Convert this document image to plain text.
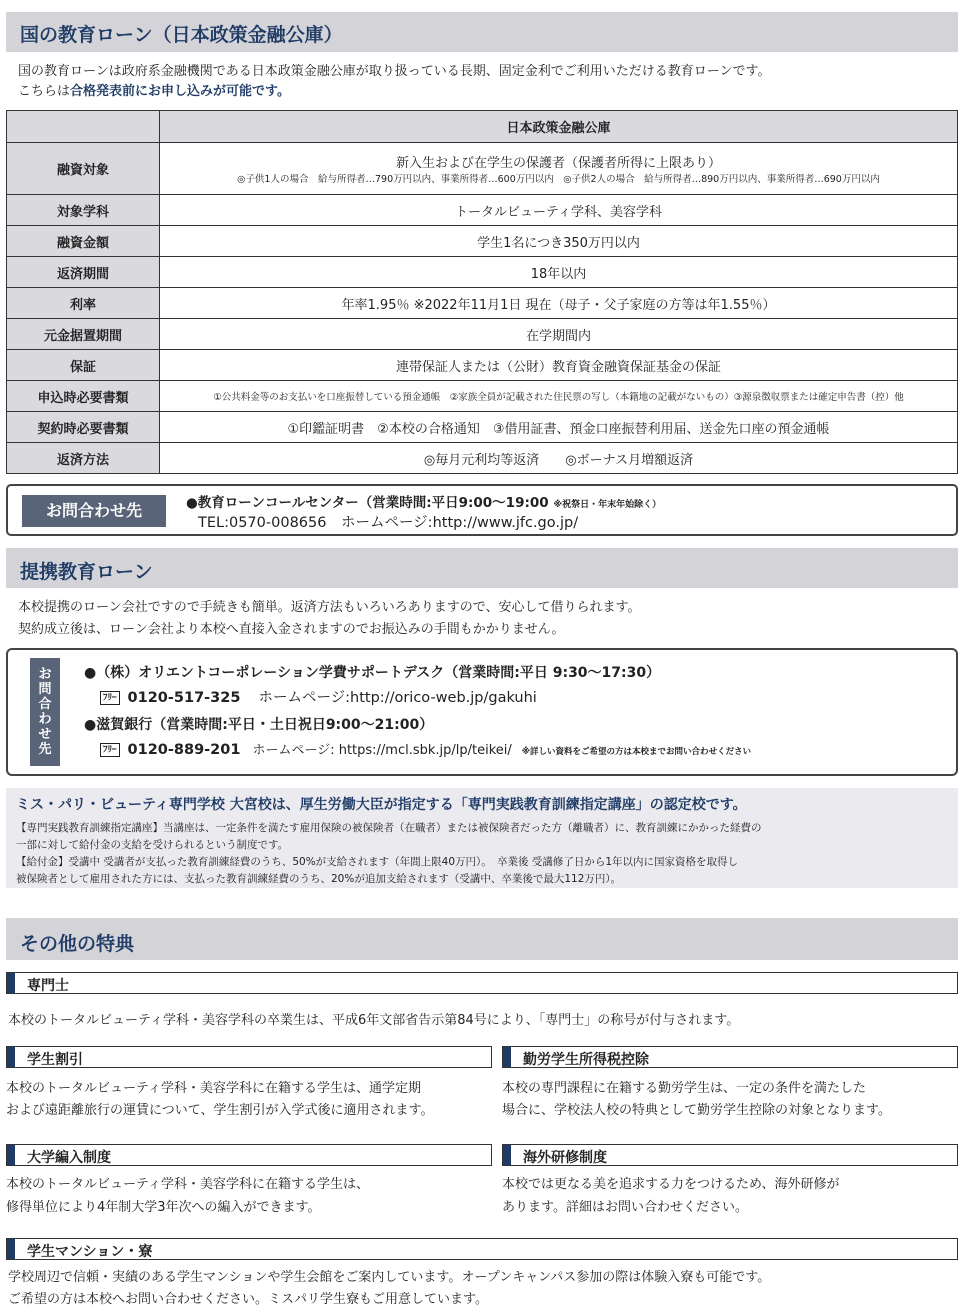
国の教育ローン（日本政策金融公庫）
国の教育ローンは政府系金融機関である日本政策金融公庫が取り扱っている長期、固定金利でご利用いただける教育ローンです。
こちらは合格発表前にお申し込みが可能です。
	日本政策金融公庫
融資対象	新入生および在学生の保護者（保護者所得に上限あり）
◎子供1人の場合　給与所得者…790万円以内、事業所得者…600万円以内　◎子供2人の場合　給与所得者…890万円以内、事業所得者…690万円以内

対象学科	トータルビューティ学科、美容学科
融資金額	学生1名につき350万円以内
返済期間	18年以内
利率	年率1.95％ ※2022年11月1日 現在（母子・父子家庭の方等は年1.55％）
元金据置期間	在学期間内
保証	連帯保証人または（公財）教育資金融資保証基金の保証
申込時必要書類	①公共料金等のお支払いを口座振替している預金通帳　②家族全員が記載された住民票の写し（本籍地の記載がないもの）③源泉徴収票または確定申告書（控）他
契約時必要書類	①印鑑証明書　②本校の合格通知　③借用証書、預金口座振替利用届、送金先口座の預金通帳
返済方法	◎毎月元利均等返済　　◎ボーナス月増額返済
お問合わせ先	●教育ローンコールセンター（営業時間:平日9:00～19:00 ※祝祭日・年末年始除く）
TEL:0570-008656　ホームページ:http://www.jfc.go.jp/
提携教育ローン
本校提携のローン会社ですので手続きも簡単。返済方法もいろいろありますので、安心して借りられます。
契約成立後は、ローン会社より本校へ直接入金されますのでお振込みの手間もかかりません。
お
問
合
わ
せ
先
●（株）オリエントコーポレーション学費サポートデスク（営業時間:平日 9:30～17:30）
ﾌﾘｰ 0120-517-325 ホームページ:http://orico-web.jp/gakuhi
●滋賀銀行（営業時間:平日・土日祝日9:00～21:00）
ﾌﾘｰ 0120-889-201 ホームページ: https://mcl.sbk.jp/lp/teikei/ ※詳しい資料をご希望の方は本校までお問い合わせください
ミス・パリ・ビューティ専門学校 大宮校は、厚生労働大臣が指定する「専門実践教育訓練指定講座」の認定校です。
【専門実践教育訓練指定講座】当講座は、一定条件を満たす雇用保険の被保険者（在職者）または被保険者だった方（離職者）に、教育訓練にかかった経費の
一部に対して給付金の支給を受けられるという制度です。
【給付金】受講中 受講者が支払った教育訓練経費のうち、50%が支給されます（年間上限40万円）。　卒業後 受講修了日から1年以内に国家資格を取得し
被保険者として雇用された方には、支払った教育訓練経費のうち、20%が追加支給されます（受講中、卒業後で最大112万円）。
その他の特典
専門士
本校のトータルビューティ学科・美容学科の卒業生は、平成6年文部省告示第84号により、「専門士」の称号が付与されます。
学生割引
本校のトータルビューティ学科・美容学科に在籍する学生は、通学定期
および遠距離旅行の運賃について、学生割引が入学式後に適用されます。
勤労学生所得税控除
本校の専門課程に在籍する勤労学生は、一定の条件を満たした
場合に、学校法人校の特典として勤労学生控除の対象となります。
大学編入制度
本校のトータルビューティ学科・美容学科に在籍する学生は、
修得単位により4年制大学3年次への編入ができます。
海外研修制度
本校では更なる美を追求する力をつけるため、海外研修が
あります。詳細はお問い合わせください。
学生マンション・寮
学校周辺で信頼・実績のある学生マンションや学生会館をご案内しています。オープンキャンパス参加の際は体験入寮も可能です。
ご希望の方は本校へお問い合わせください。ミスパリ学生寮もご用意しています。
